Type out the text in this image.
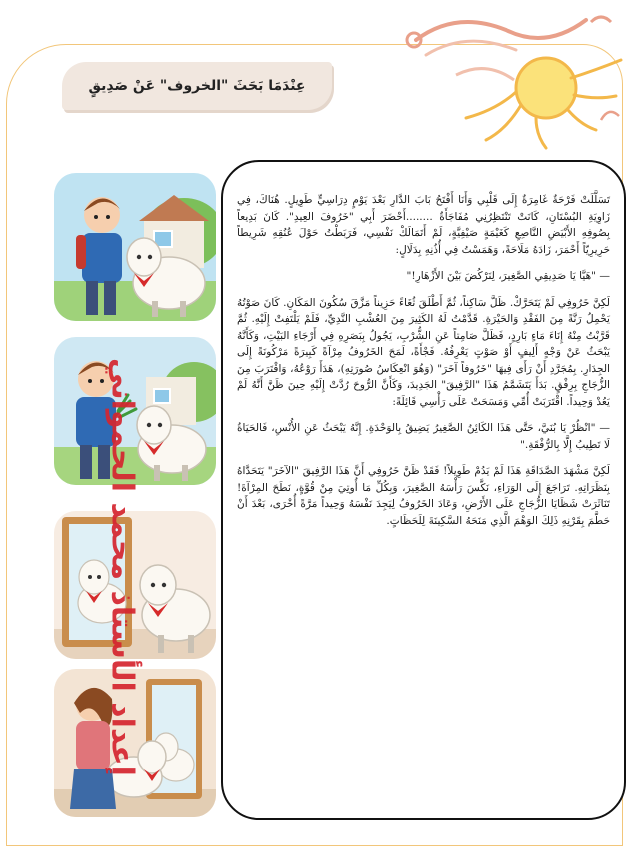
عِنْدَمَا بَحَثَ "الخروف" عَنْ صَدِيقٍ

تَسَلَّلَتْ فَرْحَةٌ غَامِرَةٌ إِلَى قَلْبِي وَأَنَا أَفْتَحُ بَابَ الدَّارِ بَعْدَ يَوْمٍ دِرَاسِيٍّ طَوِيلٍ. هُنَاكَ، فِي زَاوِيَةِ البُسْتَانِ، كَانَتْ تَنْتَظِرُنِي مُفَاجَأَةٌ ........أَحْضَرَ أَبِي "خَرُوفَ العِيدِ". كَانَ بَدِيعاً بِصُوفِهِ الأَبْيَضِ النَّاصِعِ كَغَيْمَةٍ صَيْفِيَّةٍ، لَمْ أَتَمَالَكْ نَفْسِي، فَرَبَطْتُ حَوْلَ عُنُقِهِ شَرِيطاً حَرِيرِيّاً أَحْمَرَ، زَادَهُ مَلَاحَةً، وَهَمَسْتُ فِي أُذُنِهِ بِدَلَالٍ:

— "هَيَّا يَا صَدِيقِي الصَّغِيرَ، لِنَرْكُضَ بَيْنَ الأَزْهَارِ!"

لَكِنَّ خَرُوفِي لَمْ يَتَحَرَّكْ. ظَلَّ سَاكِناً، ثُمَّ أَطْلَقَ ثُغَاءً حَزِيناً مَزَّقَ سُكُونَ المَكَانِ. كَانَ صَوْتُهُ يَحْمِلُ رَنَّةً مِنَ الفَقْدِ وَالحَيْرَةِ. قَدَّمْتُ لَهُ الكَثِيرَ مِنَ العُشْبِ النَّدِيِّ، فَلَمْ يَلْتَفِتْ إِلَيْهِ. ثُمَّ قَرَّبْتُ مِنْهُ إِنَاءَ مَاءٍ بَارِدٍ، فَظَلَّ صَامِتاً عَنِ الشُّرْبِ، يَجُولُ بِبَصَرِهِ فِي أَرْجَاءِ البَيْتِ، وَكَأَنَّهُ يَبْحَثُ عَنْ وَجْهٍ أَلِيفٍ أَوْ صَوْتٍ يَعْرِفُهُ. فَجْأَةً، لَمَحَ الخَرُوفُ مِرْآةً كَبِيرَةً مَرْكُونَةً إِلَى الجِدَارِ. بِمُجَرَّدِ أَنْ رَأَى فِيهَا "خَرُوفاً آخَرَ" (وَهُوَ انْعِكَاسُ صُورَتِهِ)، هَدَأَ رَوْعُهُ، وَاقْتَرَبَ مِنَ الزُّجَاجِ بِرِفْقٍ. بَدَأَ يَتَشَمَّمُ هَذَا "الرَّفِيقَ" الجَدِيدَ، وَكَأَنَّ الرُّوحَ رُدَّتْ إِلَيْهِ حِينَ ظَنَّ أَنَّهُ لَمْ يَعُدْ وَحِيداً. اقْتَرَبَتْ أُمِّي وَمَسَحَتْ عَلَى رَأْسِي قَائِلَةً:

— "انْظُرْ يَا بُنَيَّ، حَتَّى هَذَا الكَائِنُ الصَّغِيرُ يَضِيقُ بِالوَحْدَةِ. إِنَّهُ يَبْحَثُ عَنِ الأُنْسِ، فَالحَيَاةُ لَا تَطِيبُ إِلَّا بِالرُّفْقَةِ."

لَكِنَّ مَشْهَدَ الصَّدَاقَةِ هَذَا لَمْ يَدُمْ طَوِيلاً! فَقَدْ ظَنَّ خَرُوفِي أَنَّ هَذَا الرَّفِيقَ "الآخَرَ" يَتَحَدَّاهُ بِنَظَرَاتِهِ. تَرَاجَعَ إِلَى الوَرَاءِ، نَكَّسَ رَأْسَهُ الصَّغِيرَ، وَبِكُلِّ مَا أُوتِيَ مِنْ قُوَّةٍ، نَطَحَ المِرْآةَ!تَنَاثَرَتْ شَظَايَا الزُّجَاجِ عَلَى الأَرْضِ، وَعَادَ الخَرُوفُ لِيَجِدَ نَفْسَهُ وَحِيداً مَرَّةً أُخْرَى، بَعْدَ أَنْ حَطَّمَ بِقَرْنِهِ ذَلِكَ الوَهْمَ الَّذِي مَنَحَهُ السَّكِينَةَ لِلَحَظَاتٍ.

إعداد الأستاذ محمد الحمواني
